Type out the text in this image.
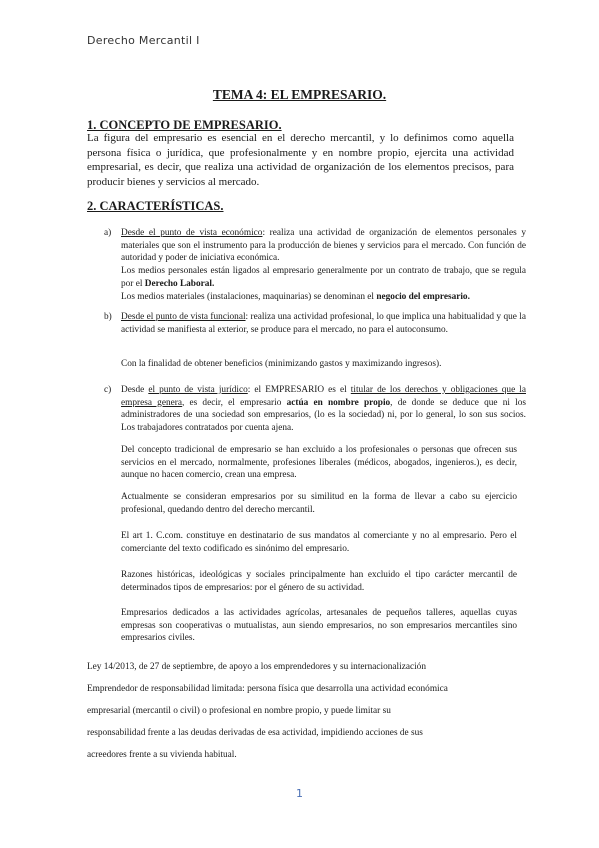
Derecho Mercantil I
TEMA 4: EL EMPRESARIO.
1. CONCEPTO DE EMPRESARIO.
La figura del empresario es esencial en el derecho mercantil, y lo definimos como aquella persona física o jurídica, que profesionalmente y en nombre propio, ejercita una actividad empresarial, es decir, que realiza una actividad de organización de los elementos precisos, para producir bienes y servicios al mercado.
2. CARACTERÍSTICAS.
a)	Desde el punto de vista económico: realiza una actividad de organización de elementos personales y materiales que son el instrumento para la producción de bienes y servicios para el mercado. Con función de autoridad y poder de iniciativa económica.

Los medios personales están ligados al empresario generalmente por un contrato de trabajo, que se regula por el Derecho Laboral.

Los medios materiales (instalaciones, maquinarias) se denominan el negocio del empresario.

b) Desde el punto de vista funcional: realiza una actividad profesional, lo que implica una habitualidad y que la actividad se manifiesta al exterior, se produce para el mercado, no para el autoconsumo.

Con la finalidad de obtener beneficios (minimizando gastos y maximizando ingresos).
c)	Desde el punto de vista jurídico: el EMPRESARIO es el titular de los derechos y obligaciones que la empresa genera, es decir, el empresario actúa en nombre propio, de donde se deduce que ni los administradores de una sociedad son empresarios, (lo es la sociedad) ni, por lo general, lo son sus socios. Los trabajadores contratados por cuenta ajena.

Del concepto tradicional de empresario se han excluido a los profesionales o personas que ofrecen sus servicios en el mercado, normalmente, profesiones liberales (médicos, abogados, ingenieros.), es decir, aunque no hacen comercio, crean una empresa.
Actualmente se consideran empresarios por su similitud en la forma de llevar a cabo su ejercicio profesional, quedando dentro del derecho mercantil.
El art 1. C.com. constituye en destinatario de sus mandatos al comerciante y no al empresario. Pero el comerciante del texto codificado es sinónimo del empresario.
Razones históricas, ideológicas y sociales principalmente han excluido el tipo carácter mercantil de determinados tipos de empresarios: por el género de su actividad.
Empresarios dedicados a las actividades agrícolas, artesanales de pequeños talleres, aquellas cuyas empresas son cooperativas o mutualistas, aun siendo empresarios, no son empresarios mercantiles sino empresarios civiles.
Ley 14/2013, de 27 de septiembre, de apoyo a los emprendedores y su internacionalización
Emprendedor de responsabilidad limitada: persona física que desarrolla una actividad económica
empresarial (mercantil o civil) o profesional en nombre propio, y puede limitar su
responsabilidad frente a las deudas derivadas de esa actividad, impidiendo acciones de sus
acreedores frente a su vivienda habitual.
1
